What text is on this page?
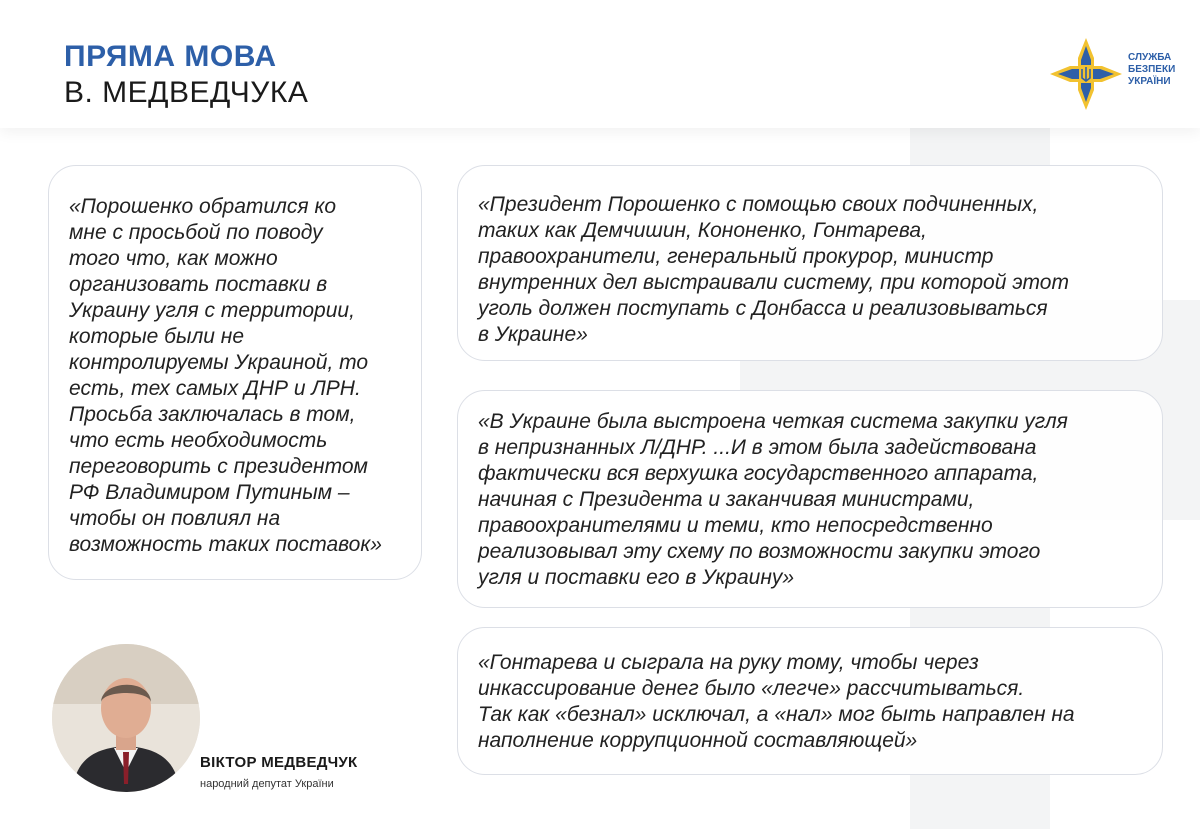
ПРЯМА МОВА
В. МЕДВЕДЧУКА
СЛУЖБА
БЕЗПЕКИ
УКРАЇНИ

«Порошенко обратился ко
мне с просьбой по поводу
того что, как можно
организовать поставки в
Украину угля с территории,
которые были не
контролируемы Украиной, то
есть, тех самых ДНР и ЛРН.
Просьба заключалась в том,
что есть необходимость
переговорить с президентом
РФ Владимиром Путиным –
чтобы он повлиял на
возможность таких поставок»

«Президент Порошенко с помощью своих подчиненных,
таких как Демчишин, Кононенко, Гонтарева,
правоохранители, генеральный прокурор, министр
внутренних дел выстраивали систему, при которой этот
уголь должен поступать с Донбасса и реализовываться
в Украине»

«В Украине была выстроена четкая система закупки угля
в непризнанных Л/ДНР. ...И в этом была задействована
фактически вся верхушка государственного аппарата,
начиная с Президента и заканчивая министрами,
правоохранителями и теми, кто непосредственно
реализовывал эту схему по возможности закупки этого
угля и поставки его в Украину»

«Гонтарева и сыграла на руку тому, чтобы через
инкассирование денег было «легче» рассчитываться.
Так как «безнал» исключал, а «нал» мог быть направлен на
наполнение коррупционной составляющей»

ВІКТОР МЕДВЕДЧУК
народний депутат України
